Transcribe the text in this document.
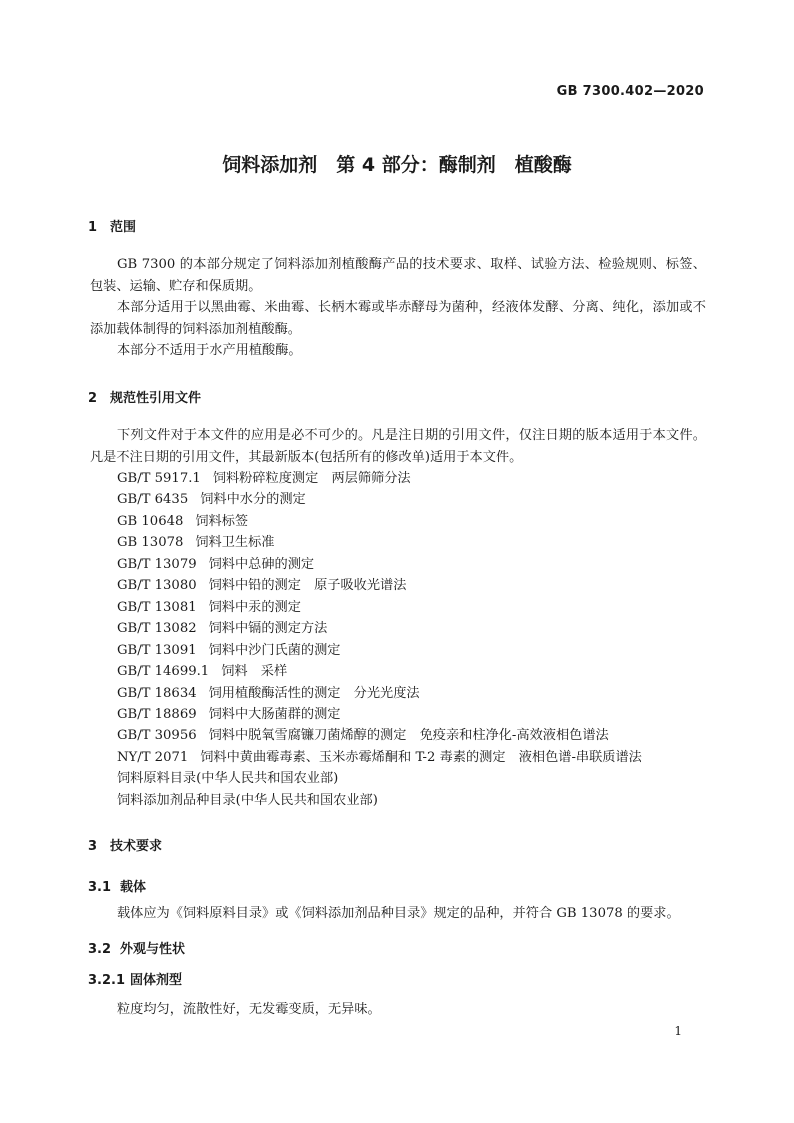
GB 7300.402—2020
饲料添加剂　第 4 部分：酶制剂　植酸酶
1 范围

GB 7300 的本部分规定了饲料添加剂植酸酶产品的技术要求、取样、试验方法、检验规则、标签、包装、运输、贮存和保质期。

本部分适用于以黑曲霉、米曲霉、长柄木霉或毕赤酵母为菌种，经液体发酵、分离、纯化，添加或不添加载体制得的饲料添加剂植酸酶。

本部分不适用于水产用植酸酶。

2 规范性引用文件

下列文件对于本文件的应用是必不可少的。凡是注日期的引用文件，仅注日期的版本适用于本文件。凡是不注日期的引用文件，其最新版本(包括所有的修改单)适用于本文件。

GB/T 5917.1 饲料粉碎粒度测定　两层筛筛分法
GB/T 6435 饲料中水分的测定
GB 10648 饲料标签
GB 13078 饲料卫生标准
GB/T 13079 饲料中总砷的测定
GB/T 13080 饲料中铅的测定　原子吸收光谱法
GB/T 13081 饲料中汞的测定
GB/T 13082 饲料中镉的测定方法
GB/T 13091 饲料中沙门氏菌的测定
GB/T 14699.1 饲料　采样
GB/T 18634 饲用植酸酶活性的测定　分光光度法
GB/T 18869 饲料中大肠菌群的测定
GB/T 30956 饲料中脱氧雪腐镰刀菌烯醇的测定　免疫亲和柱净化-高效液相色谱法
NY/T 2071 饲料中黄曲霉毒素、玉米赤霉烯酮和 T-2 毒素的测定　液相色谱-串联质谱法
饲料原料目录(中华人民共和国农业部)
饲料添加剂品种目录(中华人民共和国农业部)
3 技术要求
3.1 载体

载体应为《饲料原料目录》或《饲料添加剂品种目录》规定的品种，并符合 GB 13078 的要求。

3.2 外观与性状
3.2.1 固体剂型

粒度均匀，流散性好，无发霉变质，无异味。

1
